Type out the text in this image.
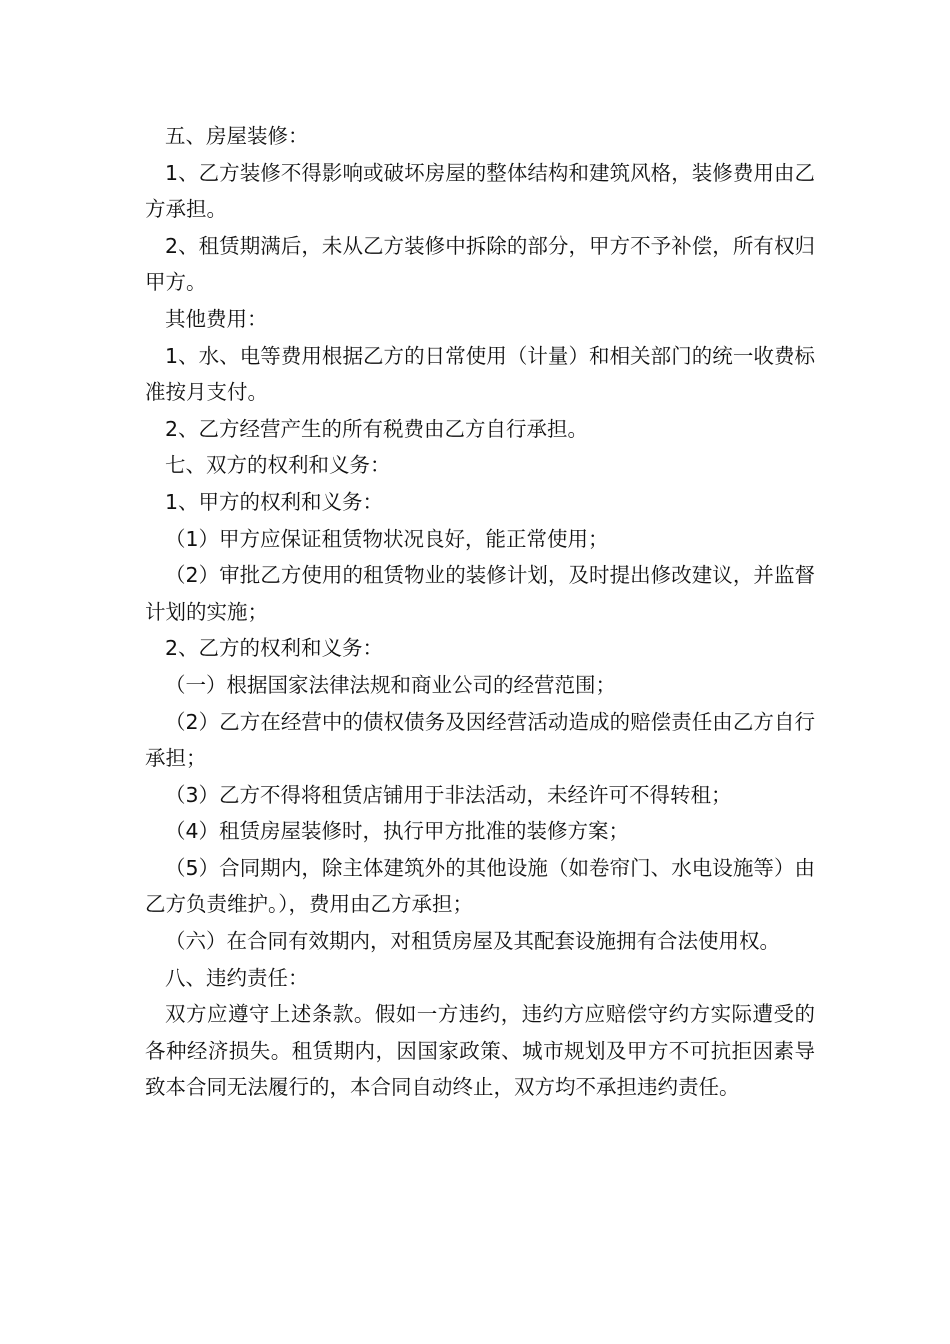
五、房屋装修：

1、乙方装修不得影响或破坏房屋的整体结构和建筑风格，装修费用由乙方承担。

2、租赁期满后，未从乙方装修中拆除的部分，甲方不予补偿，所有权归甲方。

其他费用：

1、水、电等费用根据乙方的日常使用（计量）和相关部门的统一收费标准按月支付。

2、乙方经营产生的所有税费由乙方自行承担。

七、双方的权利和义务：

1、甲方的权利和义务：

（1）甲方应保证租赁物状况良好，能正常使用；

（2）审批乙方使用的租赁物业的装修计划，及时提出修改建议，并监督计划的实施；

2、乙方的权利和义务：

（一）根据国家法律法规和商业公司的经营范围；

（2）乙方在经营中的债权债务及因经营活动造成的赔偿责任由乙方自行承担；

（3）乙方不得将租赁店铺用于非法活动，未经许可不得转租；

（4）租赁房屋装修时，执行甲方批准的装修方案；

（5）合同期内，除主体建筑外的其他设施（如卷帘门、水电设施等）由乙方负责维护。），费用由乙方承担；

（六）在合同有效期内，对租赁房屋及其配套设施拥有合法使用权。

八、违约责任：

双方应遵守上述条款。假如一方违约，违约方应赔偿守约方实际遭受的各种经济损失。租赁期内，因国家政策、城市规划及甲方不可抗拒因素导致本合同无法履行的，本合同自动终止，双方均不承担违约责任。
